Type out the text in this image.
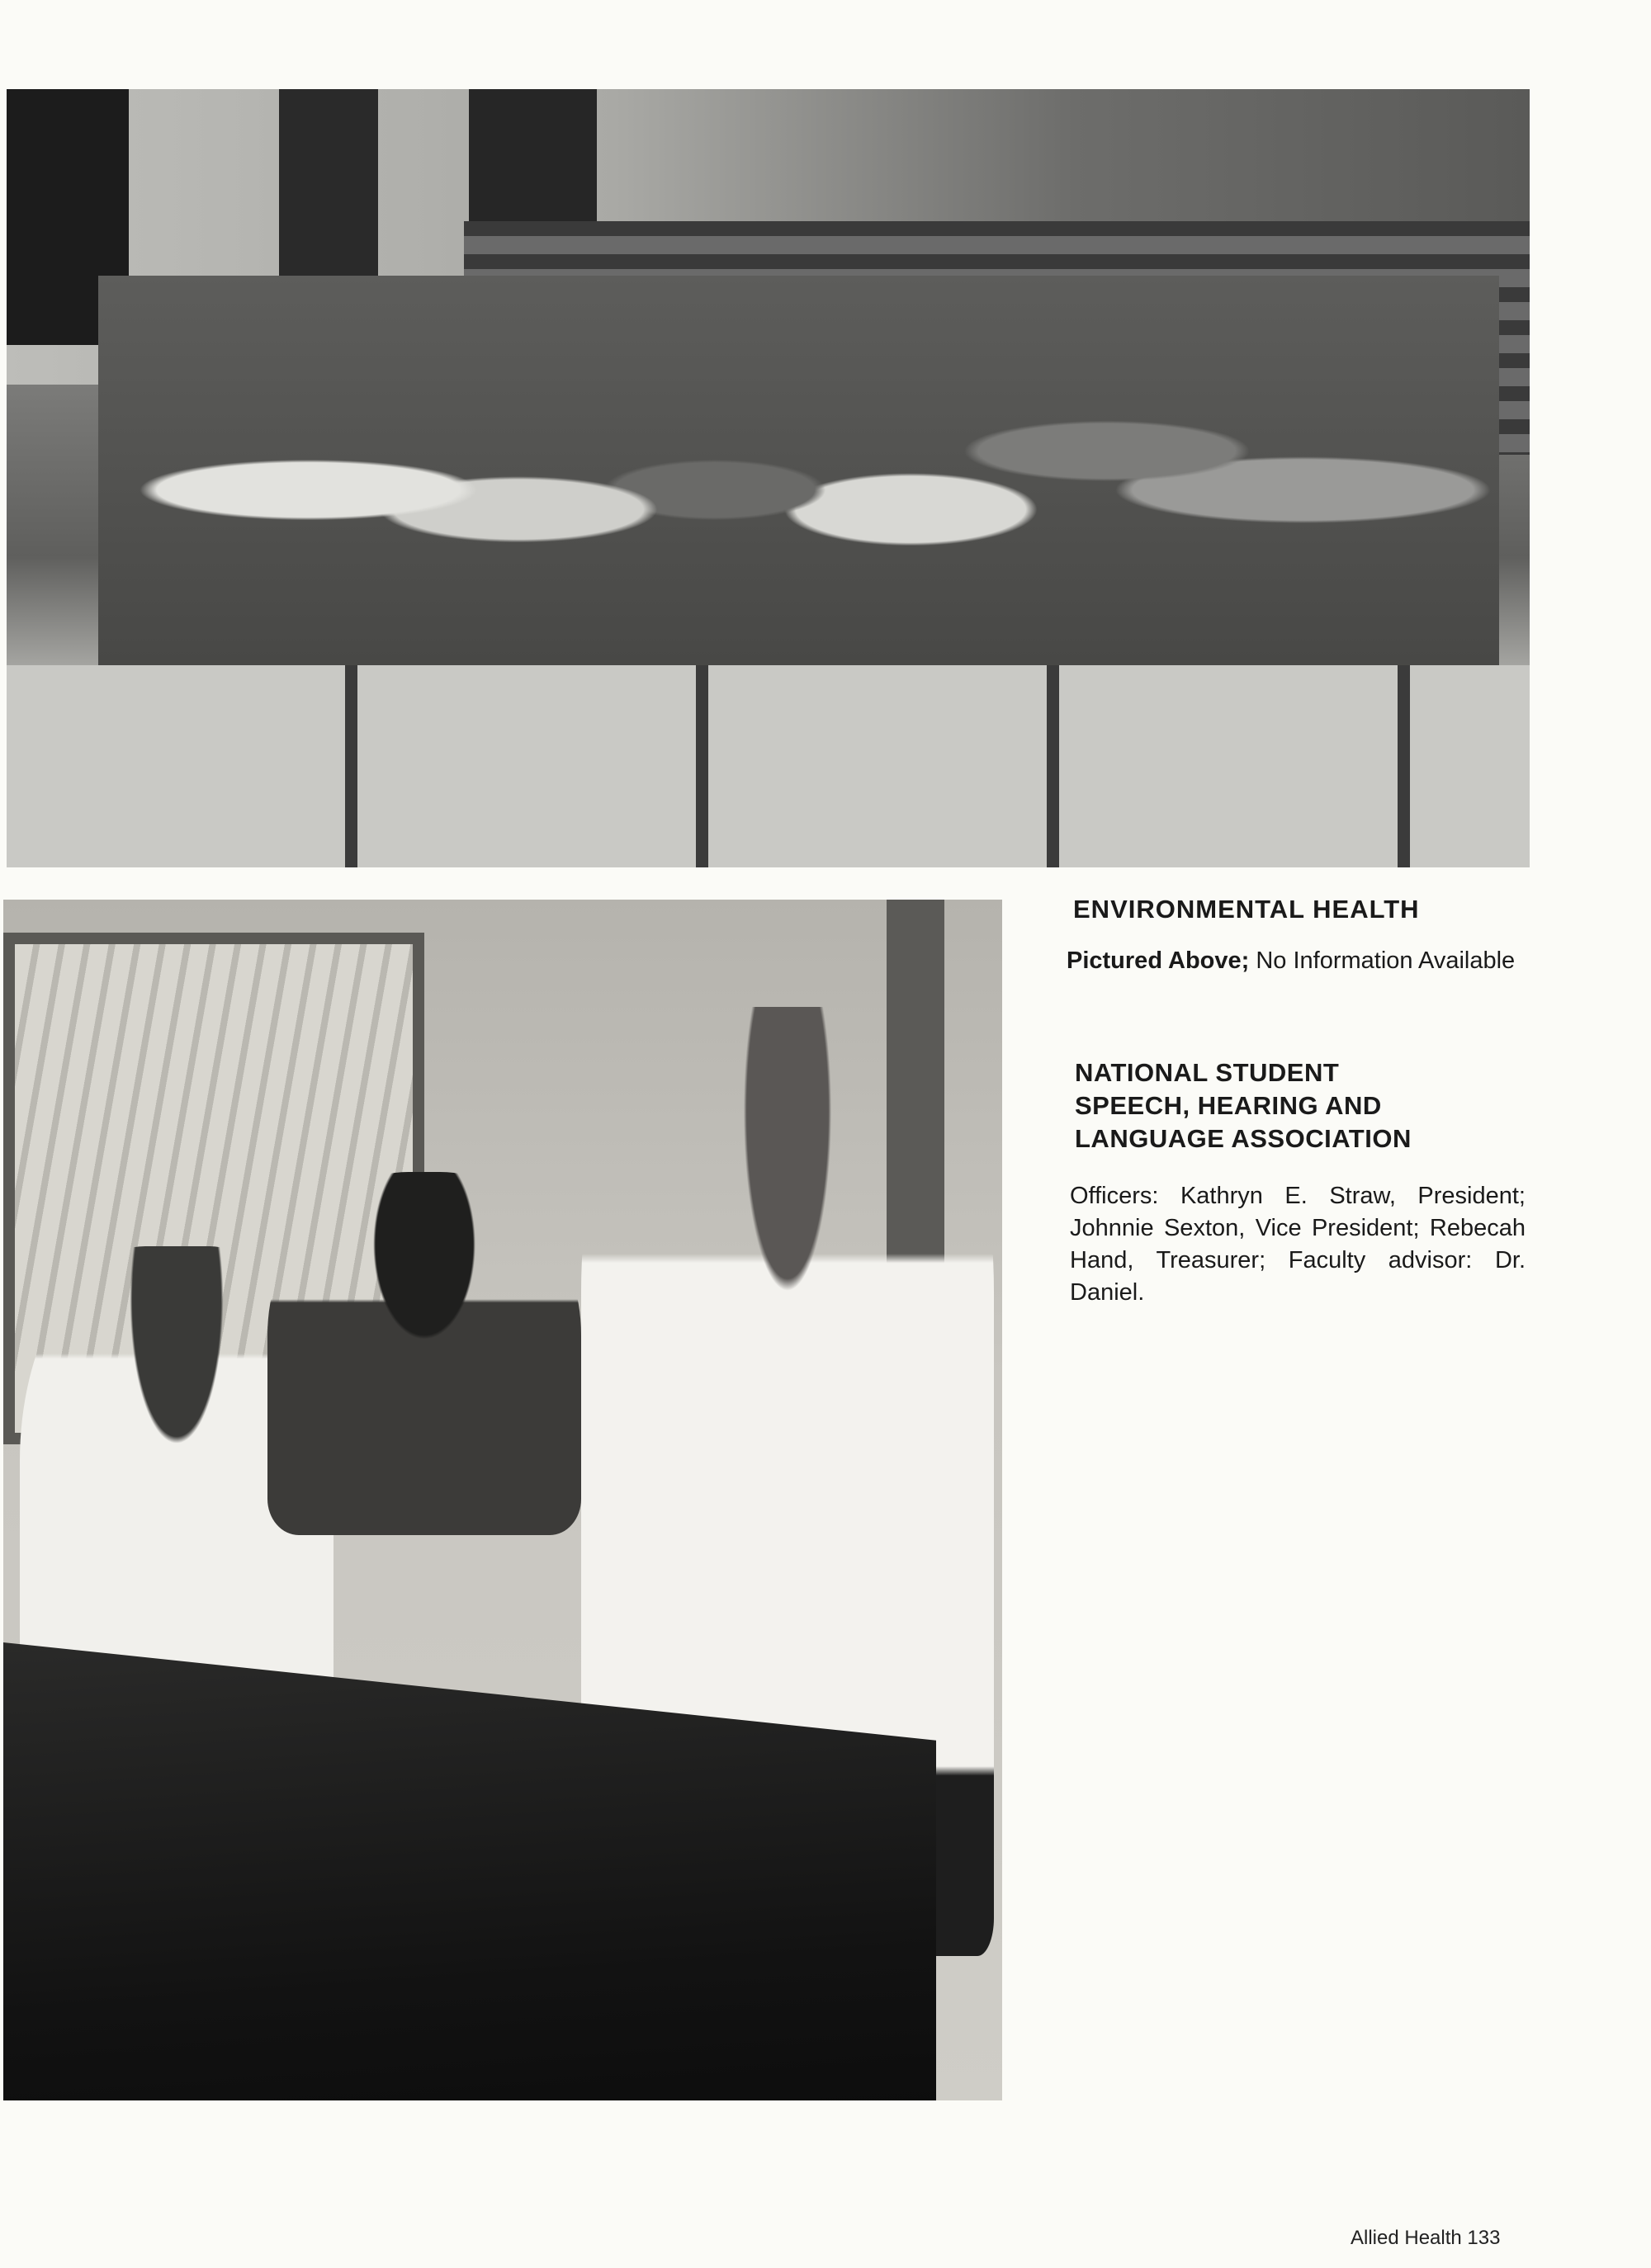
ENVIRONMENTAL HEALTH

Pictured Above; No Information Available

NATIONAL STUDENT
SPEECH, HEARING AND
LANGUAGE ASSOCIATION

Officers: Kathryn E. Straw, President; Johnnie Sexton, Vice President; Rebecah Hand, Treasurer; Faculty advisor: Dr. Daniel.

Allied Health 133
